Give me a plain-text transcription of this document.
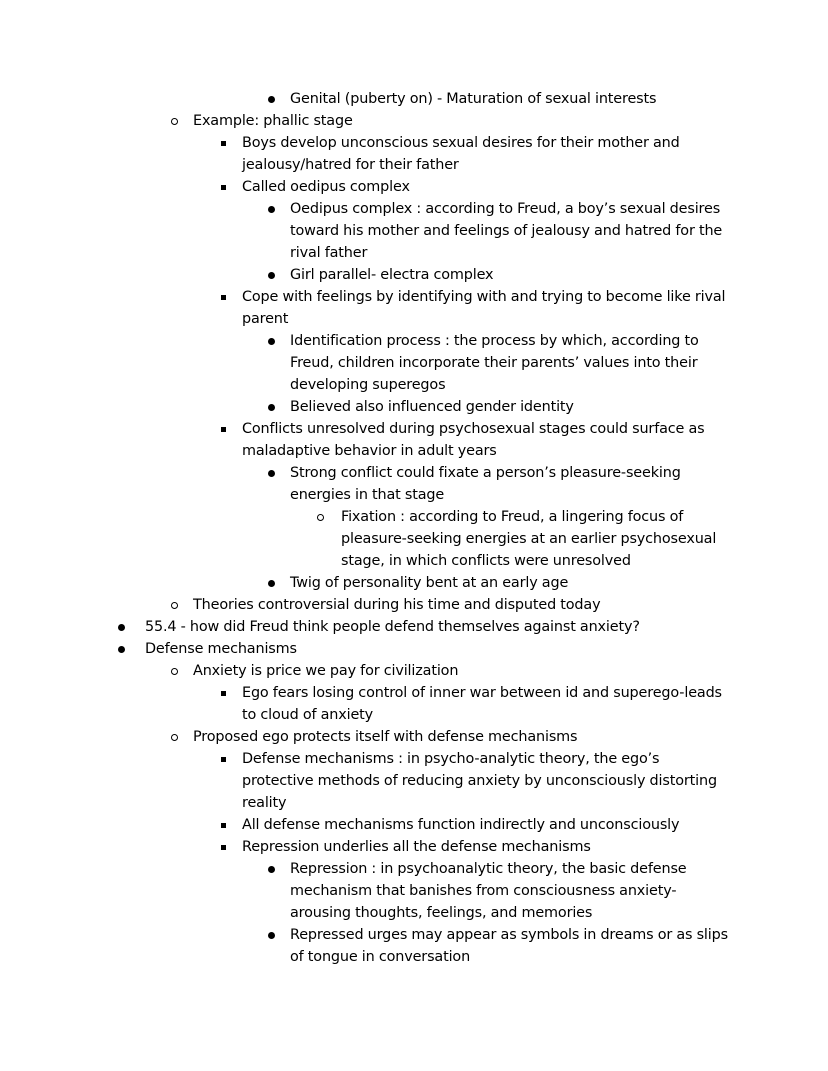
Genital (puberty on) - Maturation of sexual interests
Example: phallic stage
Boys develop unconscious sexual desires for their mother and jealousy/hatred for their father
Called oedipus complex
Oedipus complex : according to Freud, a boy’s sexual desires toward his mother and feelings of jealousy and hatred for the rival father
Girl parallel- electra complex
Cope with feelings by identifying with and trying to become like rival parent
Identification process : the process by which, according to Freud, children incorporate their parents’ values into their developing superegos
Believed also influenced gender identity
Conflicts unresolved during psychosexual stages could surface as maladaptive behavior in adult years
Strong conflict could fixate a person’s pleasure-seeking energies in that stage
Fixation : according to Freud, a lingering focus of pleasure-seeking energies at an earlier psychosexual stage, in which conflicts were unresolved
Twig of personality bent at an early age
Theories controversial during his time and disputed today
55.4 - how did Freud think people defend themselves against anxiety?
Defense mechanisms
Anxiety is price we pay for civilization
Ego fears losing control of inner war between id and superego-leads to cloud of anxiety
Proposed ego protects itself with defense mechanisms
Defense mechanisms : in psycho-analytic theory, the ego’s protective methods of reducing anxiety by unconsciously distorting reality
All defense mechanisms function indirectly and unconsciously
Repression underlies all the defense mechanisms
Repression : in psychoanalytic theory, the basic defense mechanism that banishes from consciousness anxiety-arousing thoughts, feelings, and memories
Repressed urges may appear as symbols in dreams or as slips of tongue in conversation
